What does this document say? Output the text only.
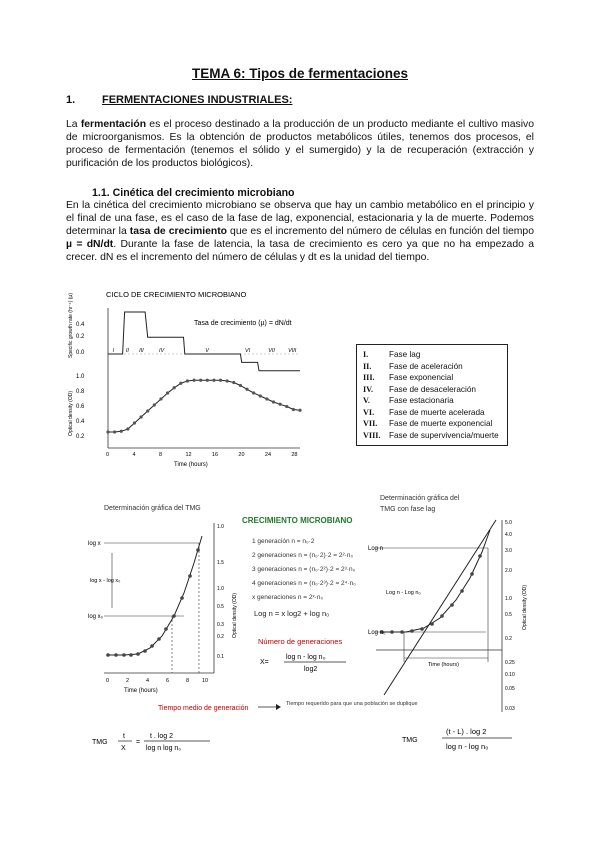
TEMA 6: Tipos de fermentaciones
1. FERMENTACIONES INDUSTRIALES:
La fermentación es el proceso destinado a la producción de un producto mediante el cultivo masivo de microorganismos. Es la obtención de productos metabólicos útiles, tenemos dos procesos, el proceso de fermentación (tenemos el sólido y el sumergido) y la de recuperación (extracción y purificación de los productos biológicos).
1.1. Cinética del crecimiento microbiano
En la cinética del crecimiento microbiano se observa que hay un cambio metabólico en el principio y el final de una fase, es el caso de la fase de lag, exponencial, estacionaria y la de muerte. Podemos determinar la tasa de crecimiento que es el incremento del número de células en función del tiempo µ = dN/dt. Durante la fase de latencia, la tasa de crecimiento es cero ya que no ha empezado a crecer. dN es el incremento del número de células y dt es la unidad del tiempo.
CICLO DE CRECIMIENTO MICROBIANO
Tasa de crecimiento (µ) = dN/dt
Specific growth rate (hr⁻¹) (µ)
Optical density (OD)
Time (hours)
0.4
0.2
0.0
1.0
0.8
0.6
0.4
0.2
0	4	8	12	16	20	24	28
I II III	IV	V	VI	VII VIII	I.	Fase lag
II.	Fase de aceleración
III.	Fase exponencial
IV.	Fase de desaceleración
V.	Fase estacionaria
VI.	Fase de muerte acelerada
VII.	Fase de muerte exponencial
VIII.	Fase de supervivencia/muerte
Determinación gráfica del TMG
log x
log x - log x₀
log x₀
0	2	4	6	8 10
Time (hours)
1.0
1.5
1.0
0.5
0.3
0.2
0.1
Optical density (OD)
CRECIMIENTO MICROBIANO
1 generación n = n₀·2
2 generaciones n = (n₀·2)·2 = 2²·n₀
3 generaciones n = (n₀·2²)·2 = 2³·n₀
4 generaciones n = (n₀·2³)·2 = 2⁴·n₀
x generaciones n = 2ˣ·n₀
Log n = x log2 + log n₀
Número de generaciones
X=
log n - log n₀
log2
Tiempo medio de generación
Tiempo requerido para que una población se duplique
TMG
t
X
=
t . log 2
log n log n₀
TMG
(t - L) . log 2
log n - log n₀
Determinación gráfica del
TMG con fase lag
Log n
Log n - Log n₀
Log n₀
Time (hours)
5.0
4.0
3.0
2.0
1.0
0.5
0.2
0.25
0.10
0.05
0.03
Optical density (OD)
